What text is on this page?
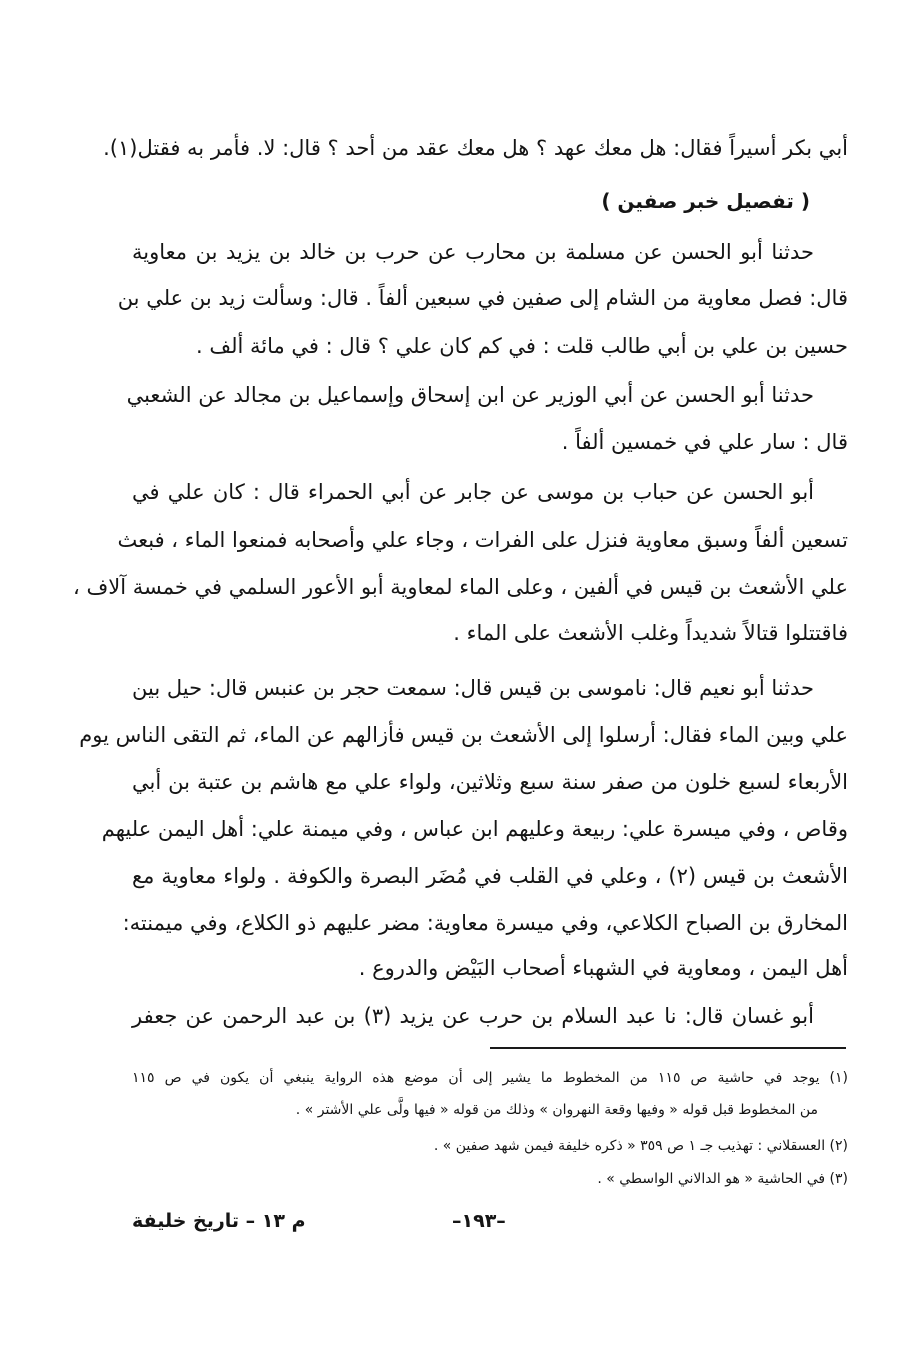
أبي بكر أسيراً فقال: هل معك عهد ؟ هل معك عقد من أحد ؟ قال: لا. فأمر به فقتل(١).
( تفصيل خبر صفين )
حدثنا أبو الحسن عن مسلمة بن محارب عن حرب بن خالد بن يزيد بن معاوية
قال: فصل معاوية من الشام إلى صفين في سبعين ألفاً . قال: وسألت زيد بن علي بن
حسين بن علي بن أبي طالب قلت : في كم كان علي ؟ قال : في مائة ألف .
حدثنا أبو الحسن عن أبي الوزير عن ابن إسحاق وإسماعيل بن مجالد عن الشعبي
قال : سار علي في خمسين ألفاً .
أبو الحسن عن حباب بن موسى عن جابر عن أبي الحمراء قال : كان علي في
تسعين ألفاً وسبق معاوية فنزل على الفرات ، وجاء علي وأصحابه فمنعوا الماء ، فبعث
علي الأشعث بن قيس في ألفين ، وعلى الماء لمعاوية أبو الأعور السلمي في خمسة آلاف ،
فاقتتلوا قتالاً شديداً وغلب الأشعث على الماء .
حدثنا أبو نعيم قال: ناموسى بن قيس قال: سمعت حجر بن عنبس قال: حيل بين
علي وبين الماء فقال: أرسلوا إلى الأشعث بن قيس فأزالهم عن الماء، ثم التقى الناس يوم
الأربعاء لسبع خلون من صفر سنة سبع وثلاثين، ولواء علي مع هاشم بن عتبة بن أبي
وقاص ، وفي ميسرة علي: ربيعة وعليهم ابن عباس ، وفي ميمنة علي: أهل اليمن عليهم
الأشعث بن قيس (٢) ، وعلي في القلب في مُضَر البصرة والكوفة . ولواء معاوية مع
المخارق بن الصباح الكلاعي، وفي ميسرة معاوية: مضر عليهم ذو الكلاع، وفي ميمنته:
أهل اليمن ، ومعاوية في الشهباء أصحاب البَيْض والدروع .
أبو غسان قال: نا عبد السلام بن حرب عن يزيد (٣) بن عبد الرحمن عن جعفر
(١) يوجد في حاشية ص ١١٥ من المخطوط ما يشير إلى أن موضع هذه الرواية ينبغي أن يكون في ص ١١٥
من المخطوط قبل قوله « وفيها وقعة النهروان » وذلك من قوله « فيها ولَّى علي الأشتر » .
(٢) العسقلاني : تهذيب جـ ١ ص ٣٥٩ « ذكره خليفة فيمن شهد صفين » .
(٣) في الحاشية « هو الدالاني الواسطي » .
–١٩٣–
م ١٣ – تاريخ خليفة
